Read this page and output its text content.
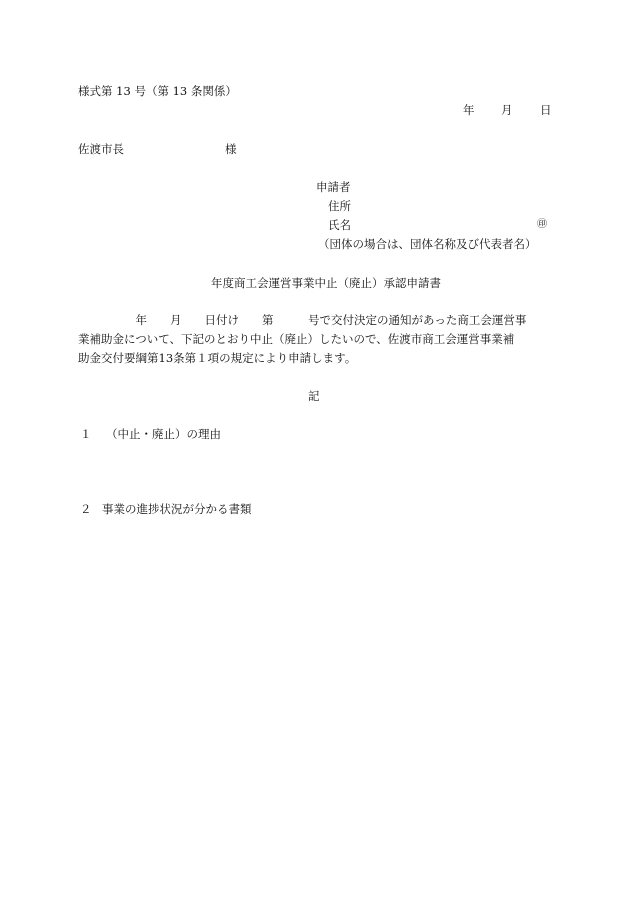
様式第 13 号（第 13 条関係）
年 月 日
佐渡市長	様
申請者
住所
氏名	㊞
（団体の場合は、団体名称及び代表者名）
年度商工会運営事業中止（廃止）承認申請書
　　　　　年　　月　　日付け　　第　　　号で交付決定の通知があった商工会運営事
業補助金について、下記のとおり中止（廃止）したいので、佐渡市商工会運営事業補
助金交付要綱第13条第１項の規定により申請します。
記
１ （中止・廃止）の理由
２ 事業の進捗状況が分かる書類
